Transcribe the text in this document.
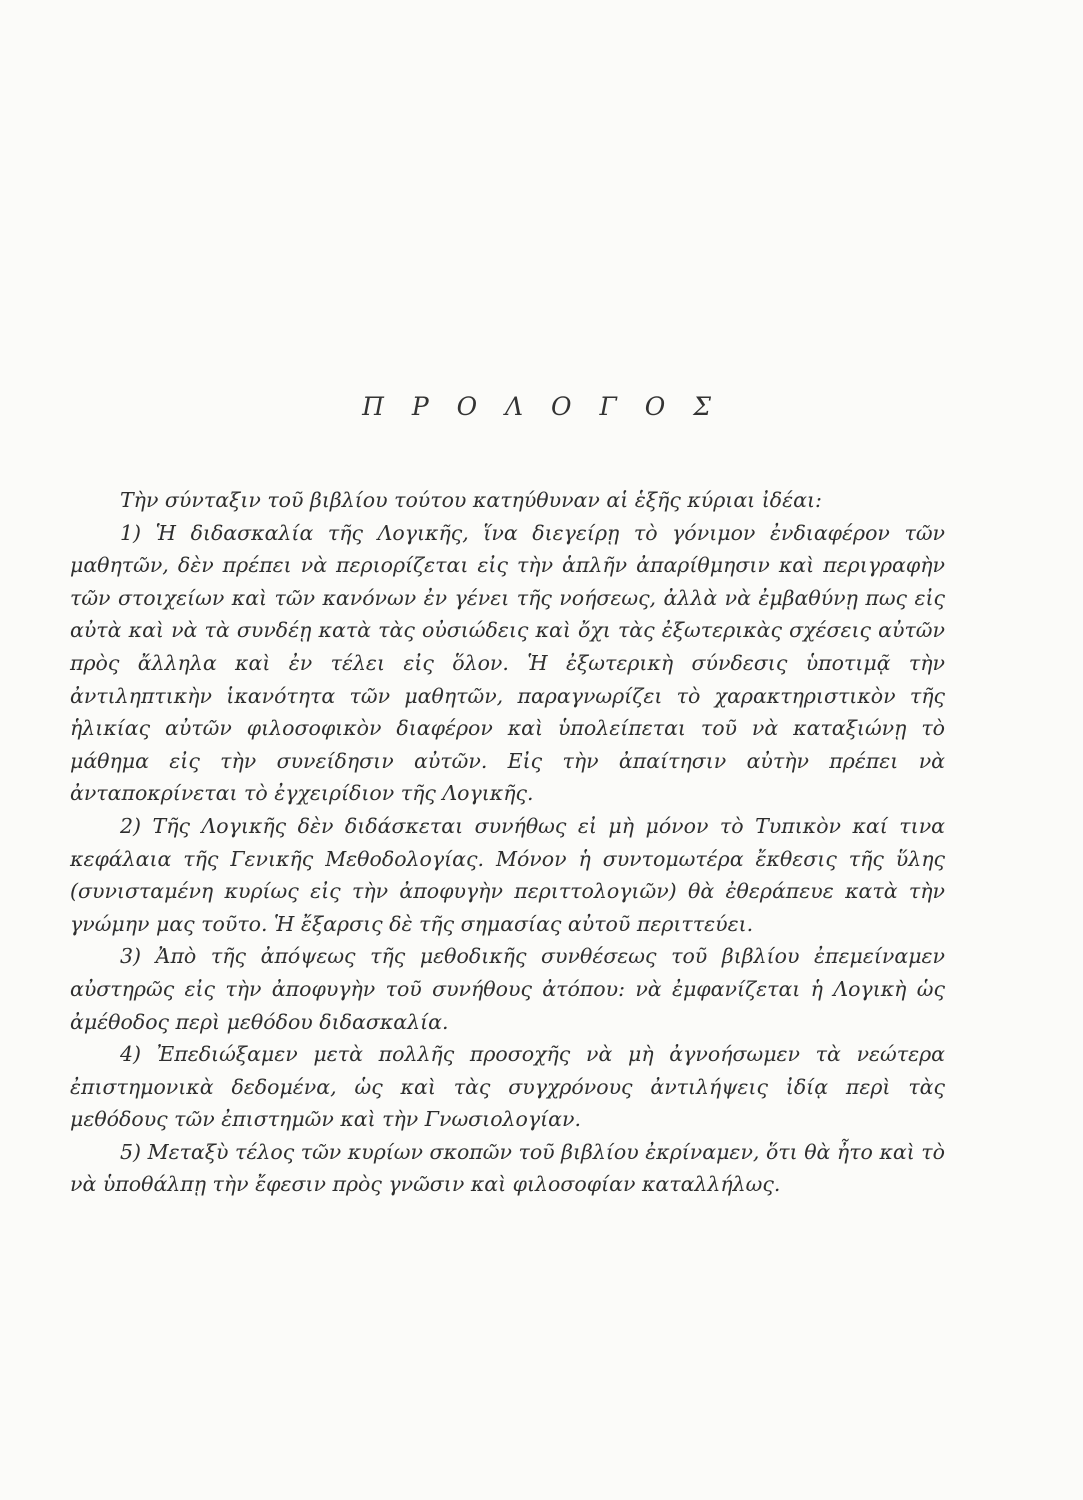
Π Ρ Ο Λ Ο Γ Ο Σ

Τὴν σύνταξιν τοῦ βιβλίου τούτου κατηύθυναν αἱ ἑξῆς κύριαι ἰδέαι:

1) Ἡ διδασκαλία τῆς Λογικῆς, ἵνα διεγείρῃ τὸ γόνιμον ἐνδιαφέρον τῶν μαθητῶν, δὲν πρέπει νὰ περιορίζεται εἰς τὴν ἁπλῆν ἀπαρίθμησιν καὶ περιγραφὴν τῶν στοιχείων καὶ τῶν κανόνων ἐν γένει τῆς νοήσεως, ἀλλὰ νὰ ἐμβαθύνῃ πως εἰς αὐτὰ καὶ νὰ τὰ συνδέῃ κατὰ τὰς οὐσιώδεις καὶ ὄχι τὰς ἐξωτερικὰς σχέσεις αὐτῶν πρὸς ἄλληλα καὶ ἐν τέλει εἰς ὅλον. Ἡ ἐξωτερικὴ σύνδεσις ὑποτιμᾷ τὴν ἀντιληπτικὴν ἱκανότητα τῶν μαθητῶν, παραγνωρίζει τὸ χαρακτηριστικὸν τῆς ἡλικίας αὐτῶν φιλοσοφικὸν διαφέρον καὶ ὑπολείπεται τοῦ νὰ καταξιώνῃ τὸ μάθημα εἰς τὴν συνείδησιν αὐτῶν. Εἰς τὴν ἀπαίτησιν αὐτὴν πρέπει νὰ ἀνταποκρίνεται τὸ ἐγχειρίδιον τῆς Λογικῆς.

2) Τῆς Λογικῆς δὲν διδάσκεται συνήθως εἰ μὴ μόνον τὸ Τυπικὸν καί τινα κεφάλαια τῆς Γενικῆς Μεθοδολογίας. Μόνον ἡ συντομωτέρα ἔκθεσις τῆς ὕλης (συνισταμένη κυρίως εἰς τὴν ἀποφυγὴν περιττολογιῶν) θὰ ἐθεράπευε κατὰ τὴν γνώμην μας τοῦτο. Ἡ ἔξαρσις δὲ τῆς σημασίας αὐτοῦ περιττεύει.

3) Ἀπὸ τῆς ἀπόψεως τῆς μεθοδικῆς συνθέσεως τοῦ βιβλίου ἐπεμείναμεν αὐστηρῶς εἰς τὴν ἀποφυγὴν τοῦ συνήθους ἀτόπου: νὰ ἐμφανίζεται ἡ Λογικὴ ὡς ἀμέθοδος περὶ μεθόδου διδασκαλία.

4) Ἐπεδιώξαμεν μετὰ πολλῆς προσοχῆς νὰ μὴ ἀγνοήσωμεν τὰ νεώτερα ἐπιστημονικὰ δεδομένα, ὡς καὶ τὰς συγχρόνους ἀντιλήψεις ἰδίᾳ περὶ τὰς μεθόδους τῶν ἐπιστημῶν καὶ τὴν Γνωσιολογίαν.

5) Μεταξὺ τέλος τῶν κυρίων σκοπῶν τοῦ βιβλίου ἐκρίναμεν, ὅτι θὰ ἦτο καὶ τὸ νὰ ὑποθάλπῃ τὴν ἔφεσιν πρὸς γνῶσιν καὶ φιλοσοφίαν καταλλήλως.
